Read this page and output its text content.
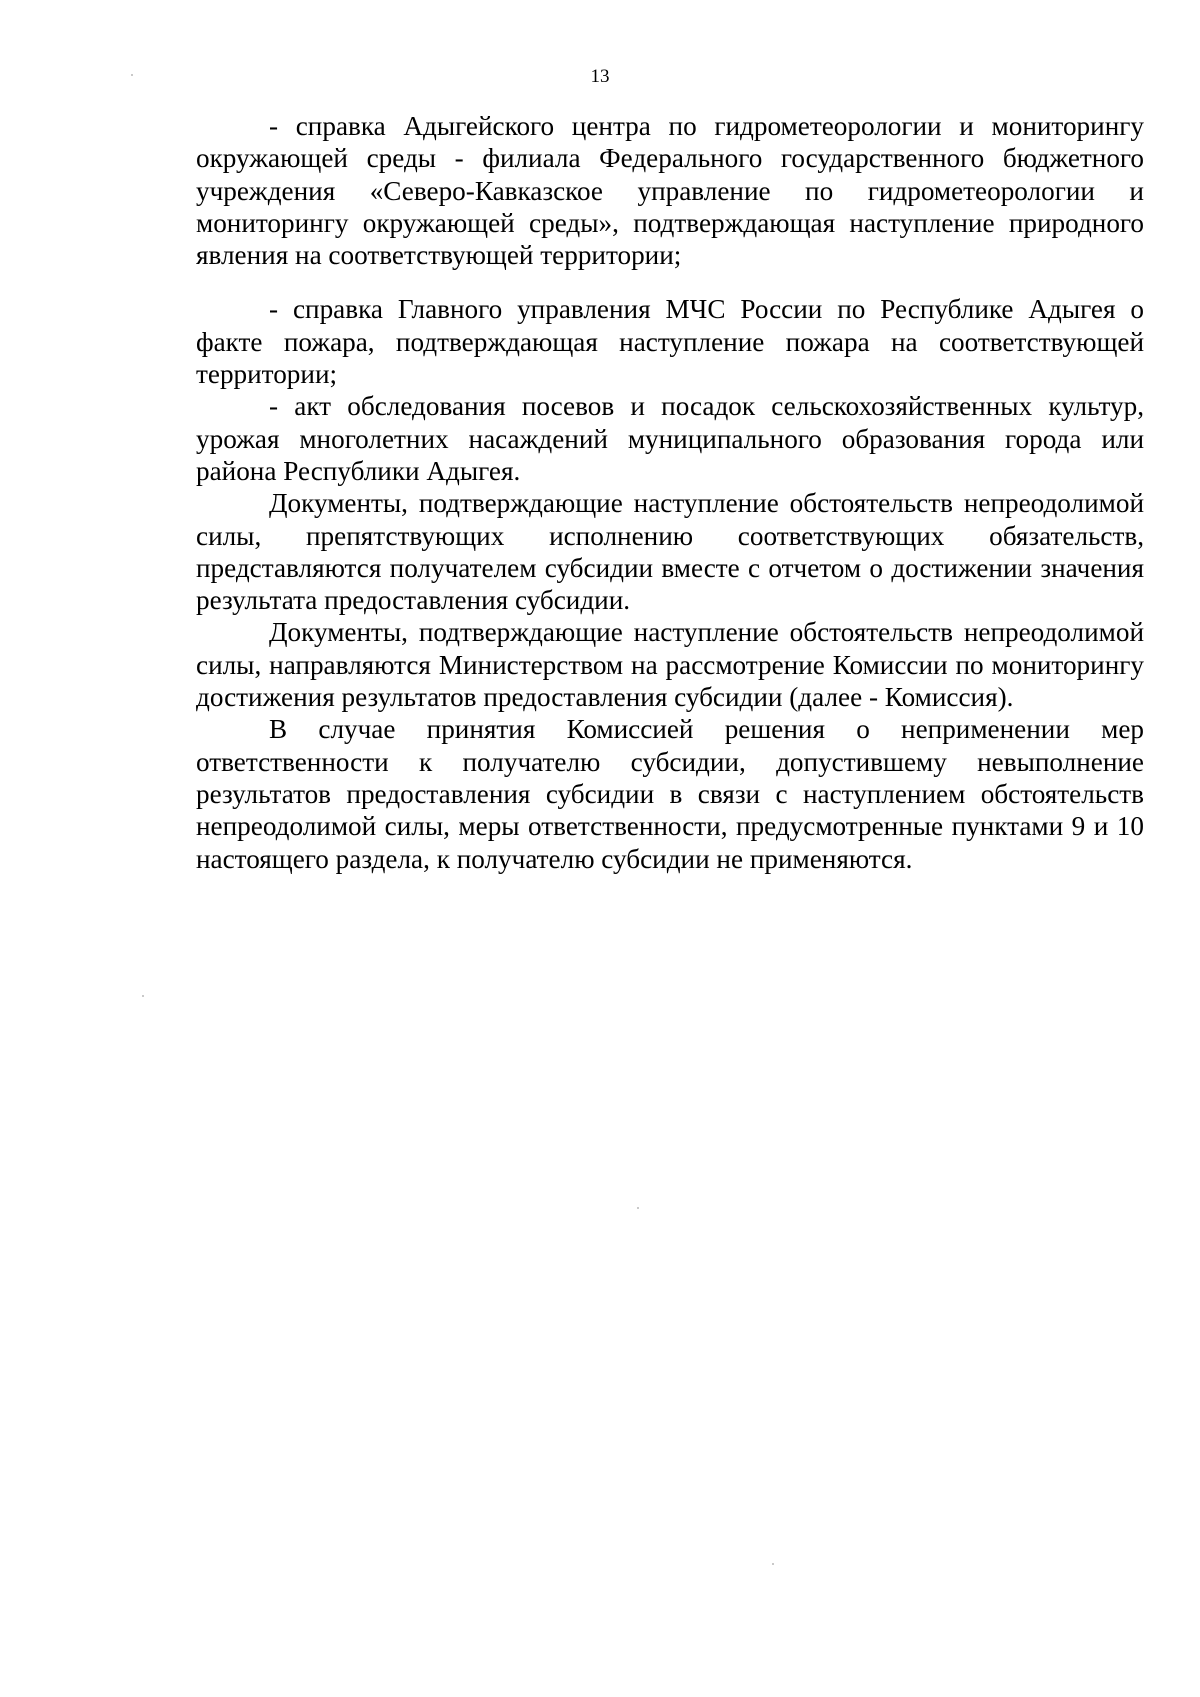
13

- справка Адыгейского центра по гидрометеорологии и мониторингу окружающей среды - филиала Федерального государственного бюджетного учреждения «Северо-Кавказское управление по гидрометеорологии и мониторингу окружающей среды», подтверждающая наступление природного явления на соответствующей территории;

- справка Главного управления МЧС России по Республике Адыгея о факте пожара, подтверждающая наступление пожара на соответствующей территории;

- акт обследования посевов и посадок сельскохозяйственных культур, урожая многолетних насаждений муниципального образования города или района Республики Адыгея.

Документы, подтверждающие наступление обстоятельств непреодолимой силы, препятствующих исполнению соответствующих обязательств, представляются получателем субсидии вместе с отчетом о достижении значения результата предоставления субсидии.

Документы, подтверждающие наступление обстоятельств непреодолимой силы, направляются Министерством на рассмотрение Комиссии по мониторингу достижения результатов предоставления субсидии (далее - Комиссия).

В случае принятия Комиссией решения о неприменении мер ответственности к получателю субсидии, допустившему невыполнение результатов предоставления субсидии в связи с наступлением обстоятельств непреодолимой силы, меры ответственности, предусмотренные пунктами 9 и 10 настоящего раздела, к получателю субсидии не применяются.
